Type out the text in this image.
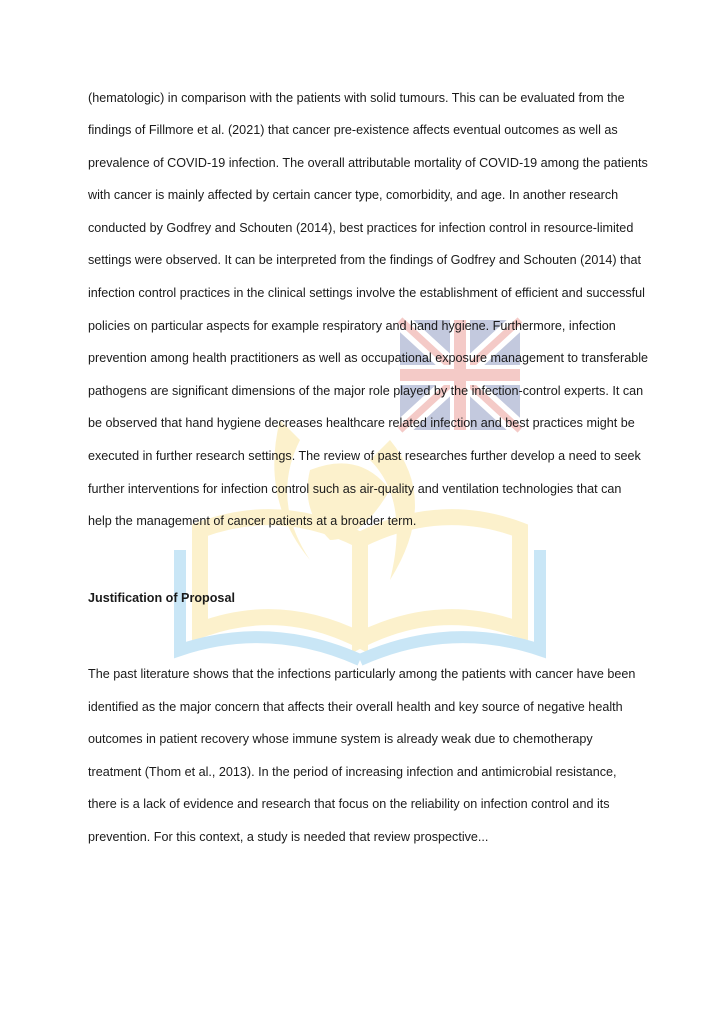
(hematologic) in comparison with the patients with solid tumours. This can be evaluated from the
findings of Fillmore et al. (2021) that cancer pre-existence affects eventual outcomes as well as
prevalence of COVID-19 infection. The overall attributable mortality of COVID-19 among the patients
with cancer is mainly affected by certain cancer type, comorbidity, and age. In another research
conducted by Godfrey and Schouten (2014), best practices for infection control in resource-limited
settings were observed. It can be interpreted from the findings of Godfrey and Schouten (2014) that
infection control practices in the clinical settings involve the establishment of efficient and successful
policies on particular aspects for example respiratory and hand hygiene. Furthermore, infection
prevention among health practitioners as well as occupational exposure management to transferable
pathogens are significant dimensions of the major role played by the infection-control experts. It can
be observed that hand hygiene decreases healthcare related infection and best practices might be
executed in further research settings. The review of past researches further develop a need to seek
further interventions for infection control such as air-quality and ventilation technologies that can
help the management of cancer patients at a broader term.
Justification of Proposal
The past literature shows that the infections particularly among the patients with cancer have been
identified as the major concern that affects their overall health and key source of negative health
outcomes in patient recovery whose immune system is already weak due to chemotherapy
treatment (Thom et al., 2013). In the period of increasing infection and antimicrobial resistance,
there is a lack of evidence and research that focus on the reliability on infection control and its
prevention. For this context, a study is needed that review prospective...
